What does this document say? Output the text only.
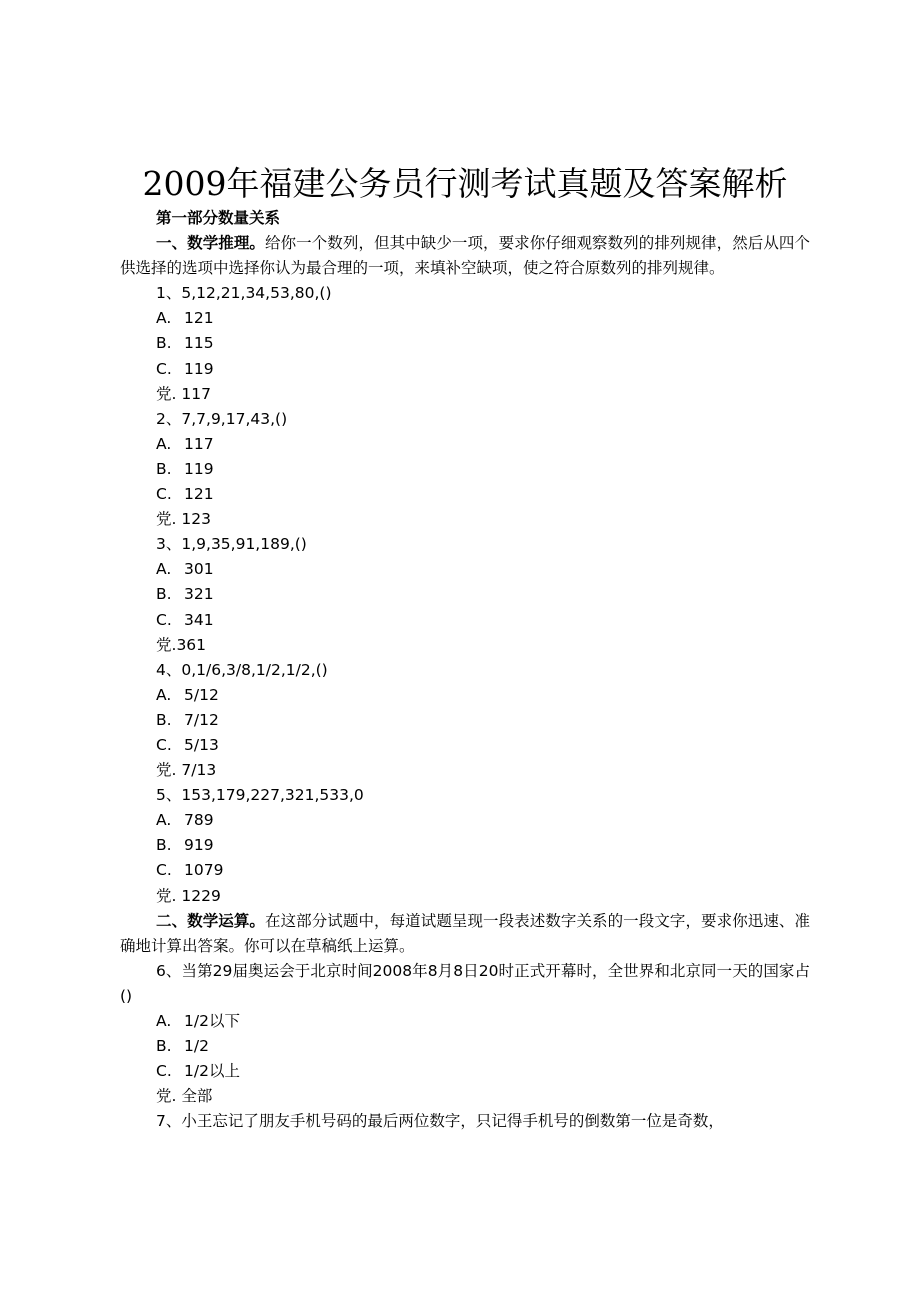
2009年福建公务员行测考试真题及答案解析
第一部分数量关系

一、数学推理。给你一个数列，但其中缺少一项，要求你仔细观察数列的排列规律，然后从四个供选择的选项中选择你认为最合理的一项，来填补空缺项，使之符合原数列的排列规律。

1、5,12,21,34,53,80,()
A. 121
B. 115
C. 119
党. 117
2、7,7,9,17,43,()
A. 117
B. 119
C. 121
党. 123
3、1,9,35,91,189,()
A. 301
B. 321
C. 341
党.361
4、0,1/6,3/8,1/2,1/2,()
A. 5/12
B. 7/12
C. 5/13
党. 7/13
5、153,179,227,321,533,0
A. 789
B. 919
C. 1079
党. 1229

二、数学运算。在这部分试题中，每道试题呈现一段表述数字关系的一段文字，要求你迅速、准确地计算出答案。你可以在草稿纸上运算。

6、当第29届奥运会于北京时间2008年8月8日20时正式开幕时，全世界和北京同一天的国家占()

A. 1/2以下
B. 1/2
C. 1/2以上
党. 全部
7、小王忘记了朋友手机号码的最后两位数字，只记得手机号的倒数第一位是奇数，
